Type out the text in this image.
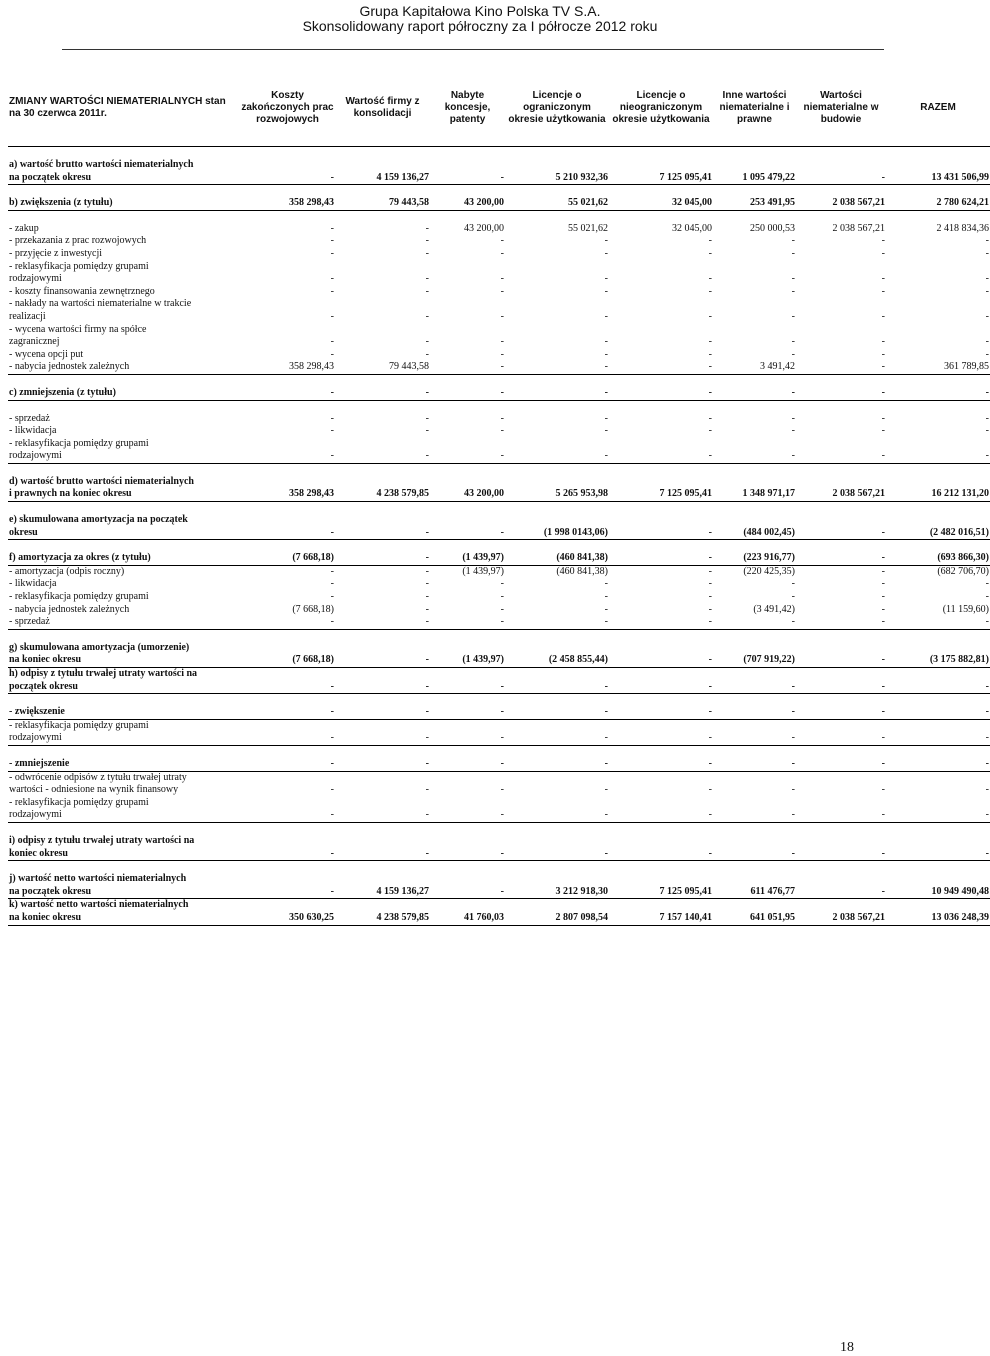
Grupa Kapitałowa Kino Polska TV S.A.
Skonsolidowany raport półroczny za I półrocze 2012 roku
ZMIANY WARTOŚCI NIEMATERIALNYCH stan na 30 czerwca 2011r.	Koszty zakończonych prac rozwojowych	Wartość firmy z konsolidacji	Nabyte koncesje, patenty	Licencje o ograniczonym okresie użytkowania	Licencje o nieograniczonym okresie użytkowania	Inne wartości niematerialne i prawne	Wartości niematerialne w budowie	RAZEM

a) wartość brutto wartości niematerialnych								
na początek okresu	-	4 159 136,27	-	5 210 932,36	7 125 095,41	1 095 479,22	-	13 431 506,99

b) zwiększenia (z tytułu)	358 298,43	79 443,58	43 200,00	55 021,62	32 045,00	253 491,95	2 038 567,21	2 780 624,21

- zakup	-	-	43 200,00	55 021,62	32 045,00	250 000,53	2 038 567,21	2 418 834,36
- przekazania z prac rozwojowych	-	-	-	-	-	-	-	-
- przyjęcie z inwestycji	-	-	-	-	-	-	-	-
- reklasyfikacja pomiędzy grupami								
rodzajowymi	-	-	-	-	-	-	-	-
- koszty finansowania zewnętrznego	-	-	-	-	-	-	-	-
- nakłady na wartości niematerialne w trakcie								
realizacji	-	-	-	-	-	-	-	-
- wycena wartości firmy na spółce								
zagranicznej	-	-	-	-	-	-	-	-
- wycena opcji put	-	-	-	-	-	-	-	-
- nabycia jednostek zależnych	358 298,43	79 443,58	-	-	-	3 491,42	-	361 789,85

c) zmniejszenia (z tytułu)	-	-	-	-	-	-	-	-

- sprzedaż	-	-	-	-	-	-	-	-
- likwidacja	-	-	-	-	-	-	-	-
- reklasyfikacja pomiędzy grupami								
rodzajowymi	-	-	-	-	-	-	-	-

d) wartość brutto wartości niematerialnych								
i prawnych na koniec okresu	358 298,43	4 238 579,85	43 200,00	5 265 953,98	7 125 095,41	1 348 971,17	2 038 567,21	16 212 131,20

e) skumulowana amortyzacja na początek								
okresu	-	-	-	(1 998 0143,06)	-	(484 002,45)	-	(2 482 016,51)

f) amortyzacja za okres (z tytułu)	(7 668,18)	-	(1 439,97)	(460 841,38)	-	(223 916,77)	-	(693 866,30)
- amortyzacja (odpis roczny)	-	-	(1 439,97)	(460 841,38)	-	(220 425,35)	-	(682 706,70)
- likwidacja	-	-	-	-	-	-	-	-
- reklasyfikacja pomiędzy grupami	-	-	-	-	-	-	-	-
- nabycia jednostek zależnych	(7 668,18)	-	-	-	-	(3 491,42)	-	(11 159,60)
- sprzedaż	-	-	-	-	-	-	-	-

g) skumulowana amortyzacja (umorzenie)								
na koniec okresu	(7 668,18)	-	(1 439,97)	(2 458 855,44)	-	(707 919,22)	-	(3 175 882,81)
h) odpisy z tytułu trwałej utraty wartości na								
początek okresu	-	-	-	-	-	-	-	-

- zwiększenie	-	-	-	-	-	-	-	-
- reklasyfikacja pomiędzy grupami								
rodzajowymi	-	-	-	-	-	-	-	-

- zmniejszenie	-	-	-	-	-	-	-	-
- odwrócenie odpisów z tytułu trwałej utraty								
wartości - odniesione na wynik finansowy	-	-	-	-	-	-	-	-
- reklasyfikacja pomiędzy grupami								
rodzajowymi	-	-	-	-	-	-	-	-

i) odpisy z tytułu trwałej utraty wartości na								
koniec okresu	-	-	-	-	-	-	-	-

j) wartość netto wartości niematerialnych								
na początek okresu	-	4 159 136,27	-	3 212 918,30	7 125 095,41	611 476,77	-	10 949 490,48
k) wartość netto wartości niematerialnych								
na koniec okresu	350 630,25	4 238 579,85	41 760,03	2 807 098,54	7 157 140,41	641 051,95	2 038 567,21	13 036 248,39
18
